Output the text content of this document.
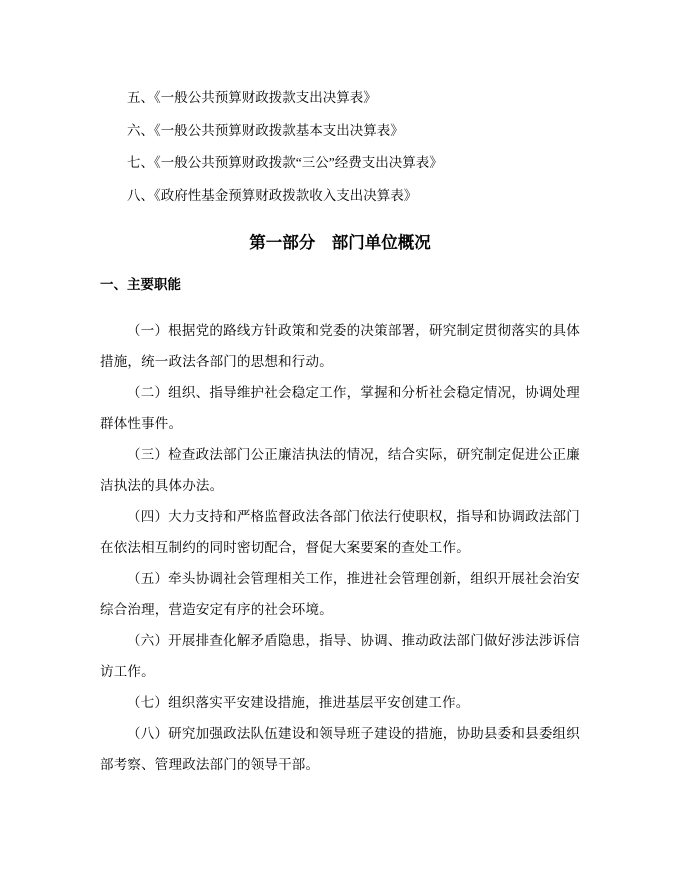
五、《一般公共预算财政拨款支出决算表》

六、《一般公共预算财政拨款基本支出决算表》

七、《一般公共预算财政拨款“三公”经费支出决算表》

八、《政府性基金预算财政拨款收入支出决算表》

第一部分　部门单位概况
一、主要职能

（一）根据党的路线方针政策和党委的决策部署，研究制定贯彻落实的具体措施，统一政法各部门的思想和行动。

（二）组织、指导维护社会稳定工作，掌握和分析社会稳定情况，协调处理群体性事件。

（三）检查政法部门公正廉洁执法的情况，结合实际，研究制定促进公正廉洁执法的具体办法。

（四）大力支持和严格监督政法各部门依法行使职权，指导和协调政法部门在依法相互制约的同时密切配合，督促大案要案的查处工作。

（五）牵头协调社会管理相关工作，推进社会管理创新，组织开展社会治安综合治理，营造安定有序的社会环境。

（六）开展排查化解矛盾隐患，指导、协调、推动政法部门做好涉法涉诉信访工作。

（七）组织落实平安建设措施，推进基层平安创建工作。

（八）研究加强政法队伍建设和领导班子建设的措施，协助县委和县委组织部考察、管理政法部门的领导干部。
